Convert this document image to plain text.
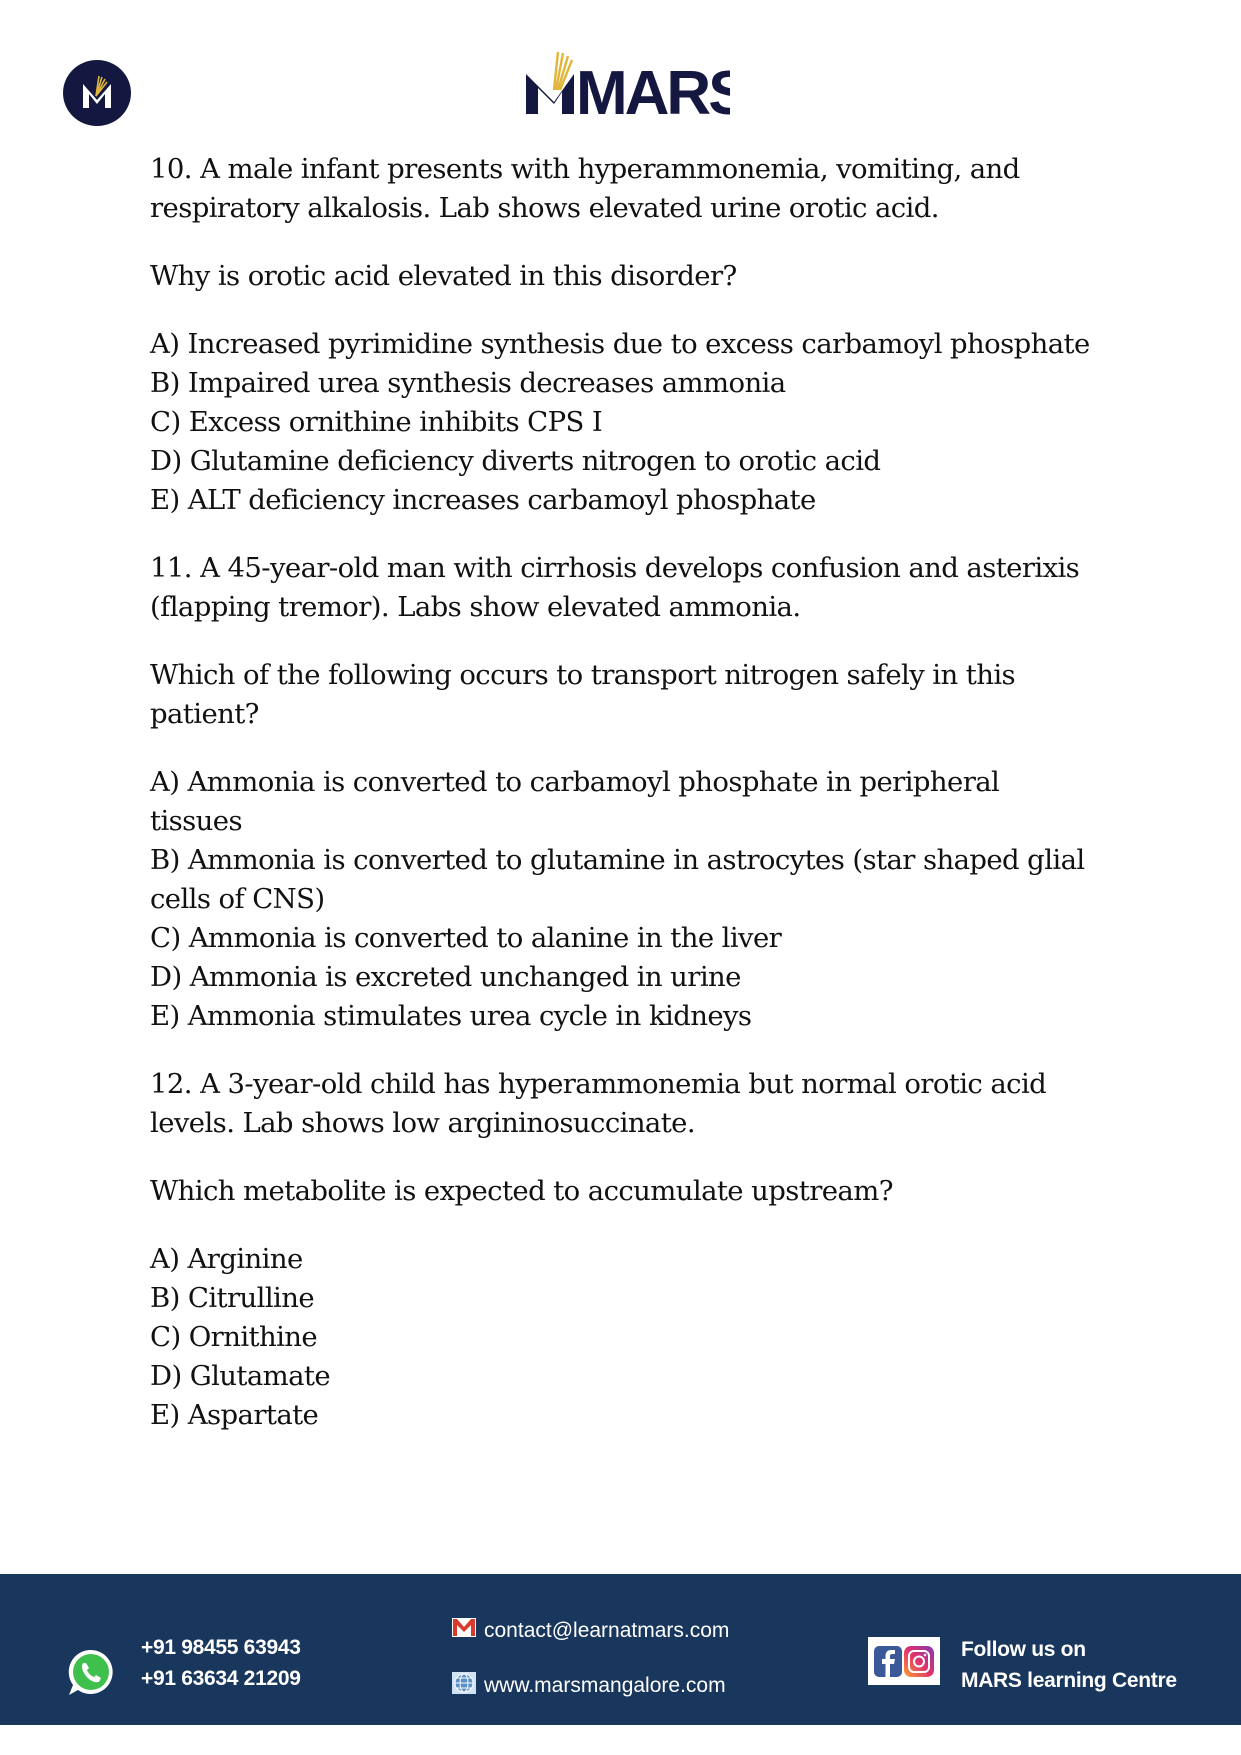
MARS

10. A male infant presents with hyperammonemia, vomiting, and respiratory alkalosis. Lab shows elevated urine orotic acid.

Why is orotic acid elevated in this disorder?

A) Increased pyrimidine synthesis due to excess carbamoyl phosphate

B) Impaired urea synthesis decreases ammonia

C) Excess ornithine inhibits CPS I

D) Glutamine deficiency diverts nitrogen to orotic acid

E) ALT deficiency increases carbamoyl phosphate

11. A 45-year-old man with cirrhosis develops confusion and asterixis (flapping tremor). Labs show elevated ammonia.

Which of the following occurs to transport nitrogen safely in this patient?

A) Ammonia is converted to carbamoyl phosphate in peripheral tissues

B) Ammonia is converted to glutamine in astrocytes (star shaped glial cells of CNS)

C) Ammonia is converted to alanine in the liver

D) Ammonia is excreted unchanged in urine

E) Ammonia stimulates urea cycle in kidneys

12. A 3-year-old child has hyperammonemia but normal orotic acid levels. Lab shows low argininosuccinate.

Which metabolite is expected to accumulate upstream?

A) Arginine

B) Citrulline

C) Ornithine

D) Glutamate

E) Aspartate

+91 98455 63943
+91 63634 21209
contact@learnatmars.com
www.marsmangalore.com
Follow us on
MARS learning Centre
